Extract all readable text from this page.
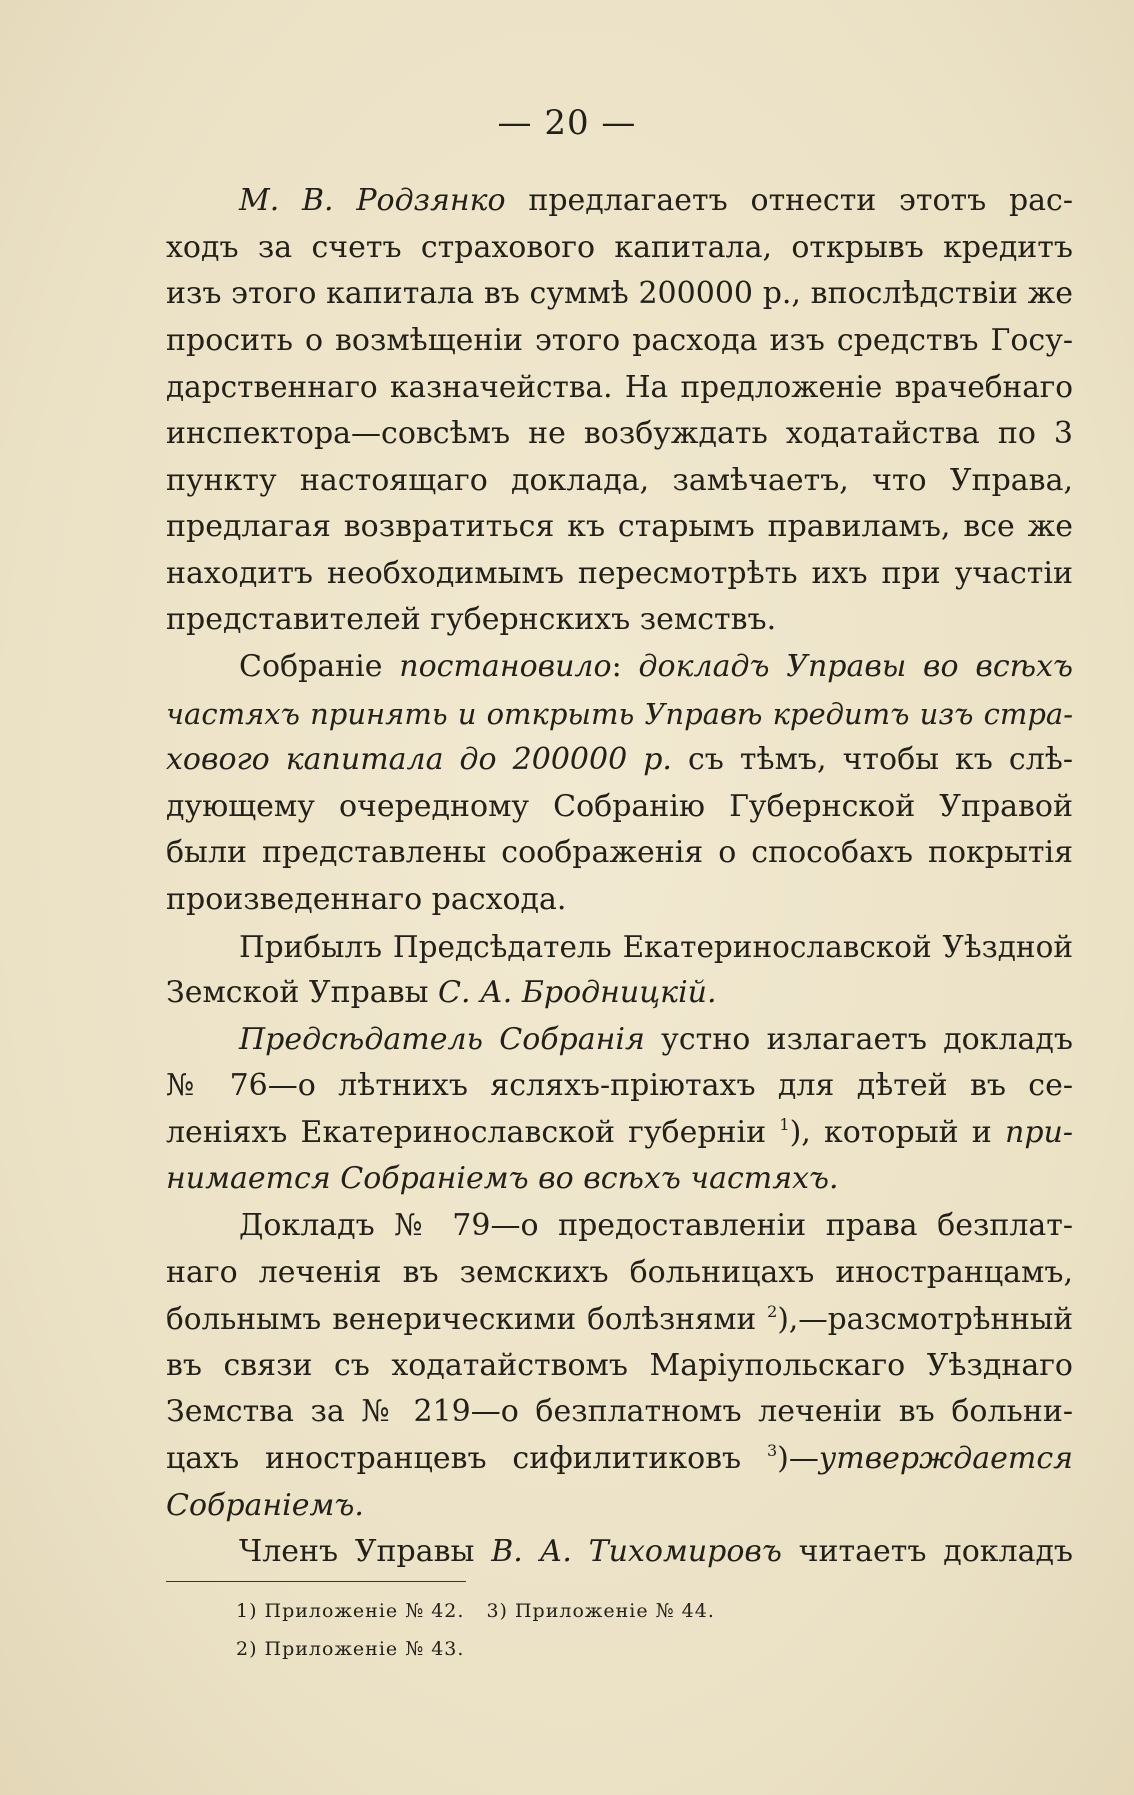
— 20 —
М. В. Родзянко предлагаетъ отнести этотъ рас-
ходъ за счетъ страхового капитала, открывъ кредитъ
изъ этого капитала въ суммѣ 200000 р., впослѣдствіи же
просить о возмѣщеніи этого расхода изъ средствъ Госу-
дарственнаго казначейства. На предложеніе врачебнаго
инспектора—совсѣмъ не возбуждать ходатайства по 3
пункту настоящаго доклада, замѣчаетъ, что Управа,
предлагая возвратиться къ старымъ правиламъ, все же
находитъ необходимымъ пересмотрѣть ихъ при участіи
представителей губернскихъ земствъ.
Собраніе постановило: докладъ Управы во всѣхъ
частяхъ принять и открыть Управѣ кредитъ изъ стра-
хового капитала до 200000 р. съ тѣмъ, чтобы къ слѣ-
дующему очередному Собранію Губернской Управой
были представлены соображенія о способахъ покрытія
произведеннаго расхода.
Прибылъ Предсѣдатель Екатеринославской Уѣздной
Земской Управы С. А. Бродницкій.
Предсѣдатель Собранія устно излагаетъ докладъ
№ 76—о лѣтнихъ ясляхъ-пріютахъ для дѣтей въ се-
леніяхъ Екатеринославской губерніи $^1$), который и при-
нимается Собраніемъ во всѣхъ частяхъ.
Докладъ № 79—о предоставленіи права безплат-
наго леченія въ земскихъ больницахъ иностранцамъ,
больнымъ венерическими болѣзнями $^2$),—разсмотрѣнный
въ связи съ ходатайствомъ Маріупольскаго Уѣзднаго
Земства за № 219—о безплатномъ леченіи въ больни-
цахъ иностранцевъ сифилитиковъ $^3$)—утверждается
Собраніемъ.
Членъ Управы В. А. Тихомировъ читаетъ докладъ
1) Приложеніе № 42. 3) Приложеніе № 44.
2) Приложеніе № 43.
